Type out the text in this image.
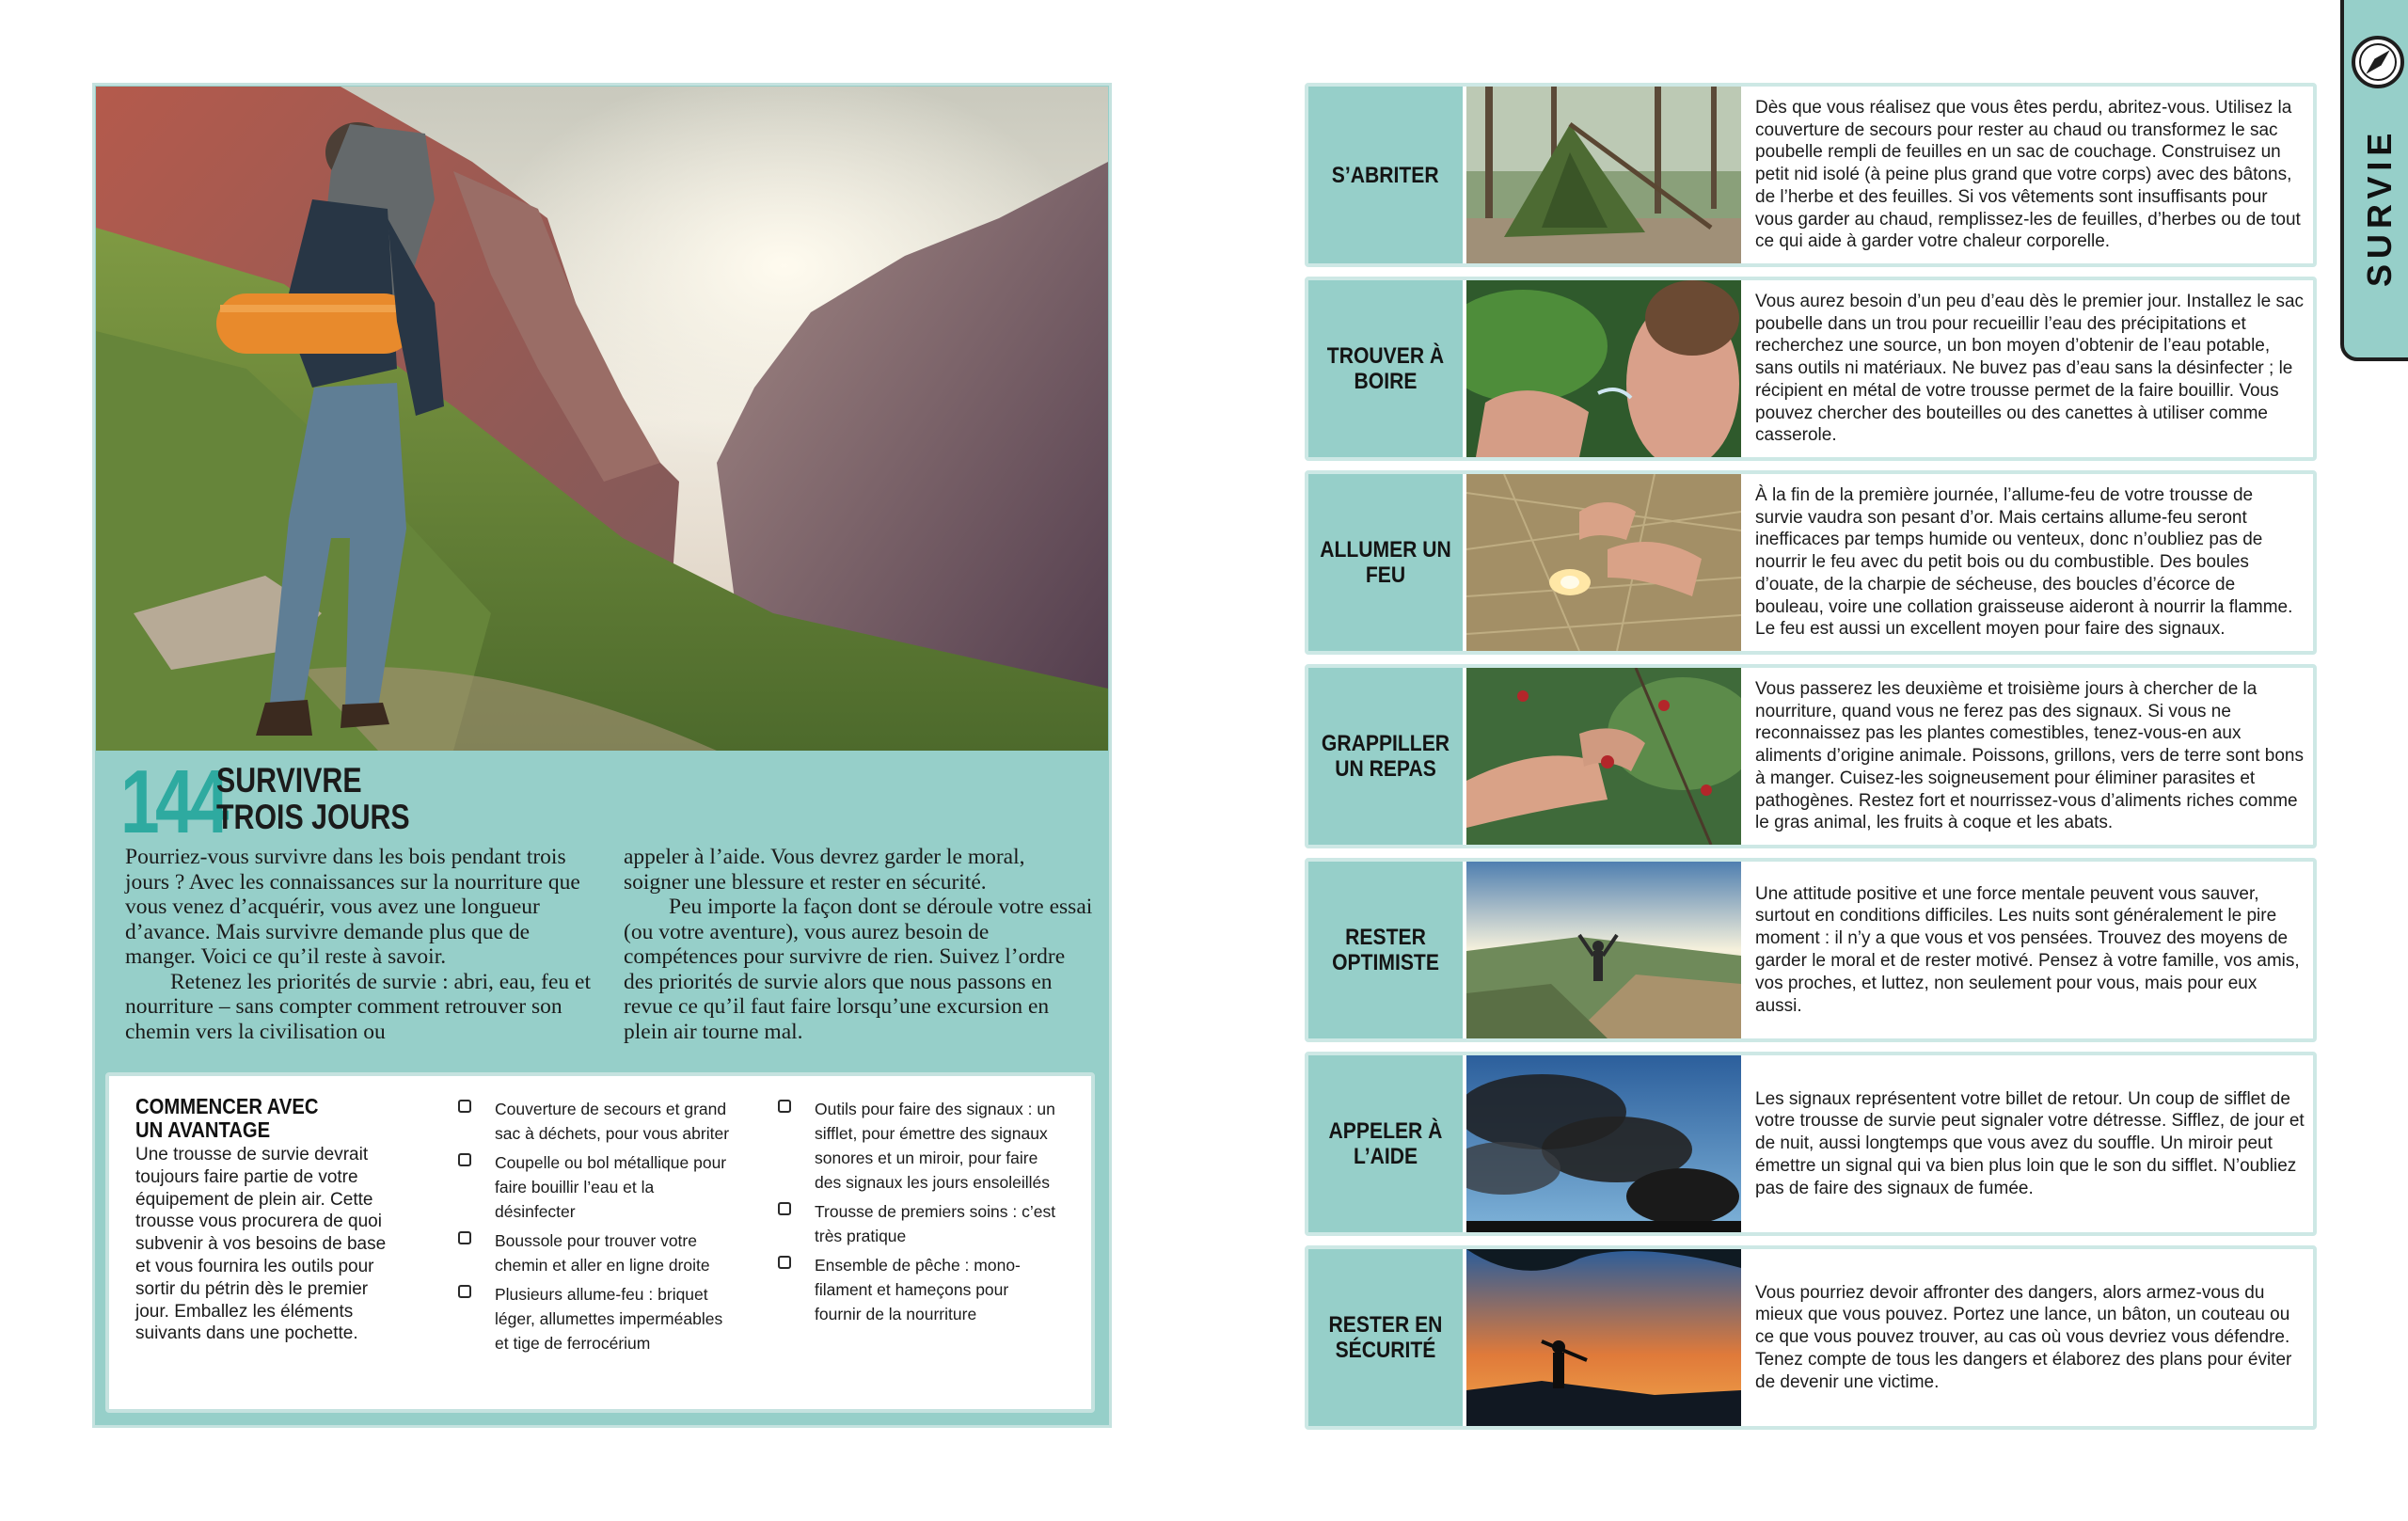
144
SURVIVRE
TROIS JOURS

Pourriez-vous survivre dans les bois pendant trois jours ? Avec les connaissances sur la nourriture que vous venez d’acquérir, vous avez une longueur d’avance. Mais survivre demande plus que de manger. Voici ce qu’il reste à savoir.

Retenez les priorités de survie : abri, eau, feu et nourriture – sans compter comment retrouver son chemin vers la civilisation ou

appeler à l’aide. Vous devrez garder le moral, soigner une blessure et rester en sécurité.

Peu importe la façon dont se déroule votre essai (ou votre aventure), vous aurez besoin de compétences pour survivre de rien. Suivez l’ordre des priorités de survie alors que nous passons en revue ce qu’il faut faire lorsqu’une excursion en plein air tourne mal.

COMMENCER AVEC UN AVANTAGE
Une trousse de survie devrait toujours faire partie de votre équipement de plein air. Cette trousse vous procurera de quoi subvenir à vos besoins de base et vous fournira les outils pour sortir du pétrin dès le premier jour. Emballez les éléments suivants dans une pochette.
Couverture de secours et grand sac à déchets, pour vous abriter
Coupelle ou bol métallique pour faire bouillir l’eau et la désinfecter
Boussole pour trouver votre chemin et aller en ligne droite
Plusieurs allume-feu : briquet léger, allumettes imperméables et tige de ferrocérium
Outils pour faire des signaux : un sifflet, pour émettre des signaux sonores et un miroir, pour faire des signaux les jours ensoleillés
Trousse de premiers soins : c’est très pratique
Ensemble de pêche : mono-filament et hameçons pour fournir de la nourriture
S’ABRITER
Dès que vous réalisez que vous êtes perdu, abritez-vous. Utilisez la couverture de secours pour rester au chaud ou transformez le sac poubelle rempli de feuilles en un sac de couchage. Construisez un petit nid isolé (à peine plus grand que votre corps) avec des bâtons, de l’herbe et des feuilles. Si vos vêtements sont insuffisants pour vous garder au chaud, remplissez-les de feuilles, d’herbes ou de tout ce qui aide à garder votre chaleur corporelle.
TROUVER À BOIRE
Vous aurez besoin d’un peu d’eau dès le premier jour. Installez le sac poubelle dans un trou pour recueillir l’eau des précipitations et recherchez une source, un bon moyen d’obtenir de l’eau potable, sans outils ni matériaux. Ne buvez pas d’eau sans la désinfecter ; le récipient en métal de votre trousse permet de la faire bouillir. Vous pouvez chercher des bouteilles ou des canettes à utiliser comme casserole.
ALLUMER UN FEU
À la fin de la première journée, l’allume-feu de votre trousse de survie vaudra son pesant d’or. Mais certains allume-feu seront inefficaces par temps humide ou venteux, donc n’oubliez pas de nourrir le feu avec du petit bois ou du combustible. Des boules d’ouate, de la charpie de sécheuse, des boucles d’écorce de bouleau, voire une collation graisseuse aideront à nourrir la flamme. Le feu est aussi un excellent moyen pour faire des signaux.
GRAPPILLER UN REPAS
Vous passerez les deuxième et troisième jours à chercher de la nourriture, quand vous ne ferez pas des signaux. Si vous ne reconnaissez pas les plantes comestibles, tenez-vous-en aux aliments d’origine animale. Poissons, grillons, vers de terre sont bons à manger. Cuisez-les soigneusement pour éliminer parasites et pathogènes. Restez fort et nourrissez-vous d’aliments riches comme le gras animal, les fruits à coque et les abats.
RESTER OPTIMISTE
Une attitude positive et une force mentale peuvent vous sauver, surtout en conditions difficiles. Les nuits sont généralement le pire moment : il n’y a que vous et vos pensées. Trouvez des moyens de garder le moral et de rester motivé. Pensez à votre famille, vos amis, vos proches, et luttez, non seulement pour vous, mais pour eux aussi.
APPELER À L’AIDE
Les signaux représentent votre billet de retour. Un coup de sifflet de votre trousse de survie peut signaler votre détresse. Sifflez, de jour et de nuit, aussi longtemps que vous avez du souffle. Un miroir peut émettre un signal qui va bien plus loin que le son du sifflet. N’oubliez pas de faire des signaux de fumée.
RESTER EN SÉCURITÉ
Vous pourriez devoir affronter des dangers, alors armez-vous du mieux que vous pouvez. Portez une lance, un bâton, un couteau ou ce que vous pouvez trouver, au cas où vous devriez vous défendre. Tenez compte de tous les dangers et élaborez des plans pour éviter de devenir une victime.
SURVIE
